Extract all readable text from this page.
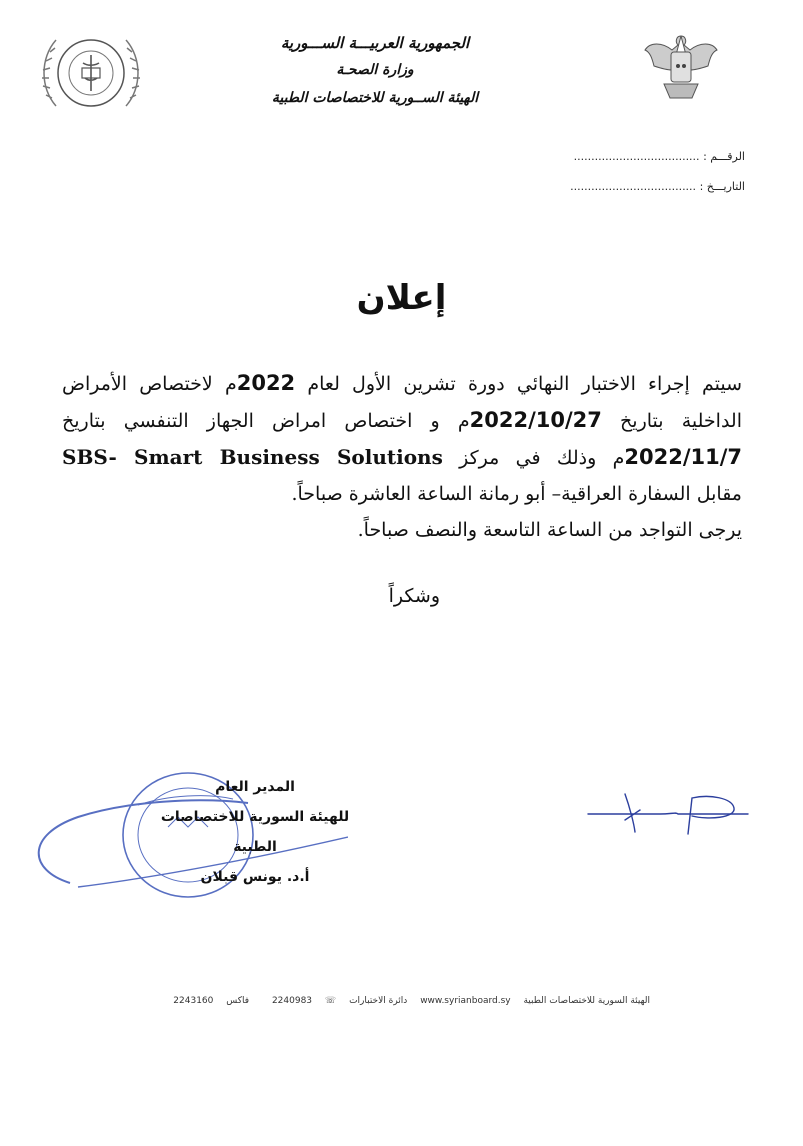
الجمهورية العربيـــة الســـورية
وزارة الصحـة
الهيئة الســورية للاختصاصات الطبية
الرقـــم : ....................................
التاريـــخ : ....................................
إعلان
سيتم إجراء الاختبار النهائي دورة تشرين الأول لعام 2022م لاختصاص الأمراض
الداخلية بتاريخ 2022/10/27م و اختصاص امراض الجهاز التنفسي بتاريخ
2022/11/7م وذلك في مركز SBS- Smart Business Solutions
مقابل السفارة العراقية– أبو رمانة الساعة العاشرة صباحاً.
يرجى التواجد من الساعة التاسعة والنصف صباحاً.
وشكراً
المدير العام
للهيئة السورية للاختصاصات الطبية
أ.د. يونس قبلان
الهيئة السورية للاختصاصات الطبية www.syrianboard.sy دائرة الاختبارات ☏ 2240983 فاكس 2243160
